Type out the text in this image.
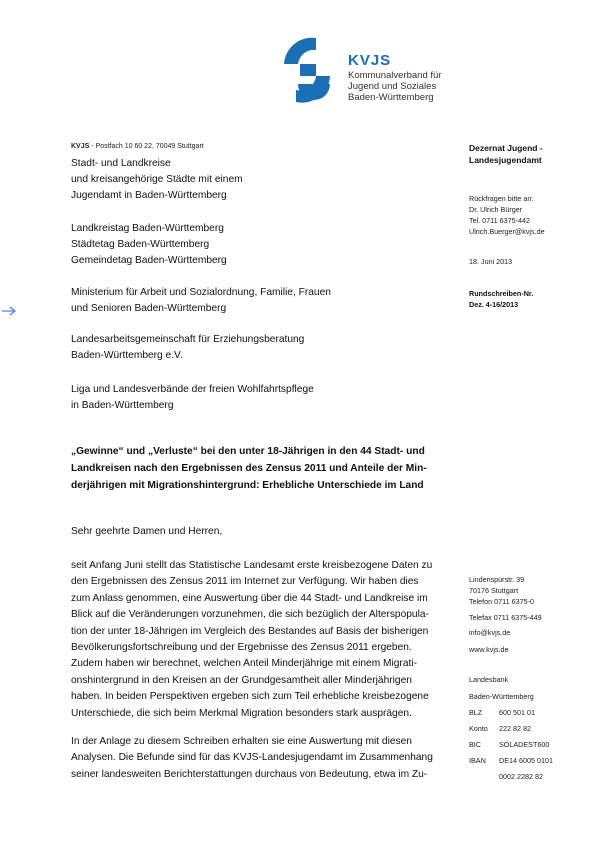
KVJS
Kommunalverband für
Jugend und Soziales
Baden-Württemberg
KVJS - Postfach 10 60 22, 70049 Stuttgart
Stadt- und Landkreise
und kreisangehörige Städte mit einem
Jugendamt in Baden-Württemberg
Landkreistag Baden-Württemberg
Städtetag Baden-Württemberg
Gemeindetag Baden-Württemberg
Ministerium für Arbeit und Sozialordnung, Familie, Frauen
und Senioren Baden-Württemberg
Landesarbeitsgemeinschaft für Erziehungsberatung
Baden-Württemberg e.V.
Liga und Landesverbände der freien Wohlfahrtspflege
in Baden-Württemberg
Dezernat Jugend -
Landesjugendamt
Rückfragen bitte an:
Dr. Ulrich Bürger
Tel. 0711 6375-442
Ulrich.Buerger@kvjs.de
18. Juni 2013
Rundschreiben-Nr.
Dez. 4-16/2013
„Gewinne“ und „Verluste“ bei den unter 18-Jährigen in den 44 Stadt- und
Landkreisen nach den Ergebnissen des Zensus 2011 und Anteile der Min-
derjährigen mit Migrationshintergrund: Erhebliche Unterschiede im Land
Sehr geehrte Damen und Herren,
seit Anfang Juni stellt das Statistische Landesamt erste kreisbezogene Daten zu
den Ergebnissen des Zensus 2011 im Internet zur Verfügung. Wir haben dies
zum Anlass genommen, eine Auswertung über die 44 Stadt- und Landkreise im
Blick auf die Veränderungen vorzunehmen, die sich bezüglich der Alterspopula-
tion der unter 18-Jährigen im Vergleich des Bestandes auf Basis der bisherigen
Bevölkerungsfortschreibung und der Ergebnisse des Zensus 2011 ergeben.
Zudem haben wir berechnet, welchen Anteil Minderjährige mit einem Migrati-
onshintergrund in den Kreisen an der Grundgesamtheit aller Minderjährigen
haben. In beiden Perspektiven ergeben sich zum Teil erhebliche kreisbezogene
Unterschiede, die sich beim Merkmal Migration besonders stark ausprägen.
In der Anlage zu diesem Schreiben erhalten sie eine Auswertung mit diesen
Analysen. Die Befunde sind für das KVJS-Landesjugendamt im Zusammenhang
seiner landesweiten Berichterstattungen durchaus von Bedeutung, etwa im Zu-
Lindenspürstr. 39
70176 Stuttgart
Telefon 0711 6375-0
Telefax 0711 6375-449
info@kvjs.de
www.kvjs.de
Landesbank
Baden-Württemberg
BLZ	600 501 01
Konto	222 82 82
BIC	SOLADEST600
IBAN	DE14 6005 0101
0002 2282 82
